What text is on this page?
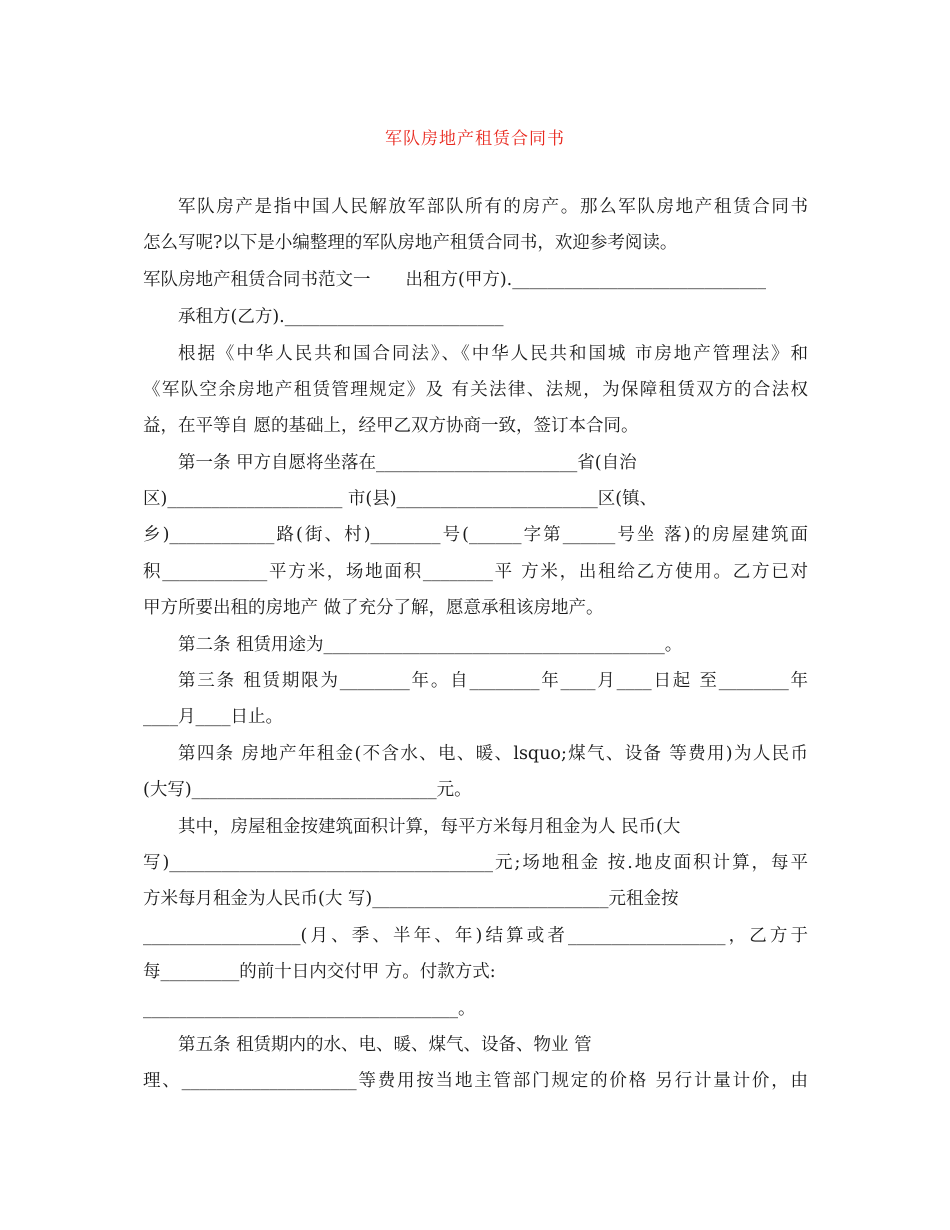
军队房地产租赁合同书
军队房产是指中国人民解放军部队所有的房产。那么军队房地产租赁合同书
怎么写呢?以下是小编整理的军队房地产租赁合同书，欢迎参考阅读。
军队房地产租赁合同书范文一　　出租方(甲方)._____________________________
承租方(乙方)._________________________
根据《中华人民共和国合同法》、《中华人民共和国城 市房地产管理法》和
《军队空余房地产租赁管理规定》及 有关法律、法规，为保障租赁双方的合法权
益，在平等自 愿的基础上，经甲乙双方协商一致，签订本合同。
第一条 甲方自愿将坐落在_______________________省(自治
区)____________________ 市(县)_______________________区(镇、
乡)____________路(街、村)________号(______字第______号坐 落)的房屋建筑面
积____________平方米，场地面积________平 方米，出租给乙方使用。乙方已对
甲方所要出租的房地产 做了充分了解，愿意承租该房地产。
第二条 租赁用途为_______________________________________。
第三条 租赁期限为________年。自________年____月____日起 至________年
____月____日止。
第四条 房地产年租金(不含水、电、暖、lsquo;煤气、设备 等费用)为人民币
(大写)____________________________元。
其中，房屋租金按建筑面积计算，每平方米每月租金为人 民币(大
写)_____________________________________元;场地租金 按.地皮面积计算，每平
方米每月租金为人民币(大 写)___________________________元租金按
__________________(月、季、半年、年)结算或者__________________，乙方于
每_________的前十日内交付甲 方。付款方式:
____________________________________。
第五条 租赁期内的水、电、暖、煤气、设备、物业 管
理、____________________等费用按当地主管部门规定的价格 另行计量计价，由
